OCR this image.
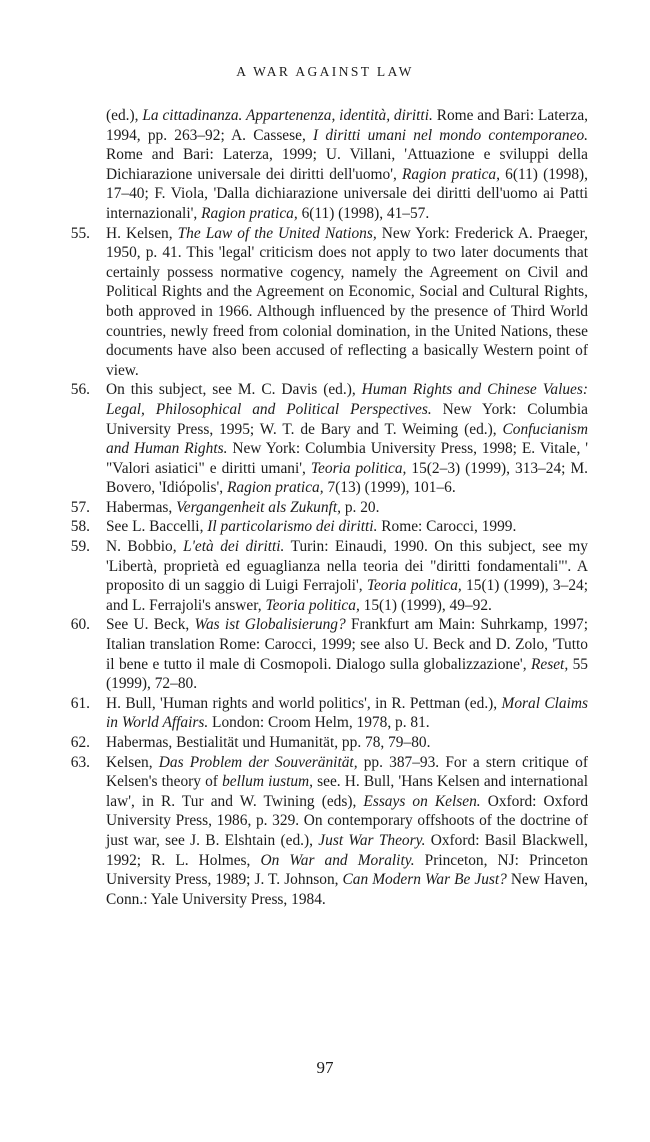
A WAR AGAINST LAW

(ed.), La cittadinanza. Appartenenza, identità, diritti. Rome and Bari: Laterza, 1994, pp. 263–92; A. Cassese, I diritti umani nel mondo contemporaneo. Rome and Bari: Laterza, 1999; U. Villani, 'Attuazione e sviluppi della Dichiarazione universale dei diritti dell'uomo', Ragion pratica, 6(11) (1998), 17–40; F. Viola, 'Dalla dichiarazione universale dei diritti dell'uomo ai Patti internazionali', Ragion pratica, 6(11) (1998), 41–57.

55. H. Kelsen, The Law of the United Nations, New York: Frederick A. Praeger, 1950, p. 41. This 'legal' criticism does not apply to two later documents that certainly possess normative cogency, namely the Agreement on Civil and Political Rights and the Agreement on Economic, Social and Cultural Rights, both approved in 1966. Although influenced by the presence of Third World countries, newly freed from colonial domination, in the United Nations, these documents have also been accused of reflecting a basically Western point of view.

56. On this subject, see M. C. Davis (ed.), Human Rights and Chinese Values: Legal, Philosophical and Political Perspectives. New York: Columbia University Press, 1995; W. T. de Bary and T. Weiming (ed.), Confucianism and Human Rights. New York: Columbia University Press, 1998; E. Vitale, ' "Valori asiatici" e diritti umani', Teoria politica, 15(2–3) (1999), 313–24; M. Bovero, 'Idiópolis', Ragion pratica, 7(13) (1999), 101–6.

57. Habermas, Vergangenheit als Zukunft, p. 20.

58. See L. Baccelli, Il particolarismo dei diritti. Rome: Carocci, 1999.

59. N. Bobbio, L'età dei diritti. Turin: Einaudi, 1990. On this subject, see my 'Libertà, proprietà ed eguaglianza nella teoria dei "diritti fondamentali"'. A proposito di un saggio di Luigi Ferrajoli', Teoria politica, 15(1) (1999), 3–24; and L. Ferrajoli's answer, Teoria politica, 15(1) (1999), 49–92.

60. See U. Beck, Was ist Globalisierung? Frankfurt am Main: Suhrkamp, 1997; Italian translation Rome: Carocci, 1999; see also U. Beck and D. Zolo, 'Tutto il bene e tutto il male di Cosmopoli. Dialogo sulla globalizzazione', Reset, 55 (1999), 72–80.

61. H. Bull, 'Human rights and world politics', in R. Pettman (ed.), Moral Claims in World Affairs. London: Croom Helm, 1978, p. 81.

62. Habermas, Bestialität und Humanität, pp. 78, 79–80.

63. Kelsen, Das Problem der Souveränität, pp. 387–93. For a stern critique of Kelsen's theory of bellum iustum, see. H. Bull, 'Hans Kelsen and international law', in R. Tur and W. Twining (eds), Essays on Kelsen. Oxford: Oxford University Press, 1986, p. 329. On contemporary offshoots of the doctrine of just war, see J. B. Elshtain (ed.), Just War Theory. Oxford: Basil Blackwell, 1992; R. L. Holmes, On War and Morality. Princeton, NJ: Princeton University Press, 1989; J. T. Johnson, Can Modern War Be Just? New Haven, Conn.: Yale University Press, 1984.

97
